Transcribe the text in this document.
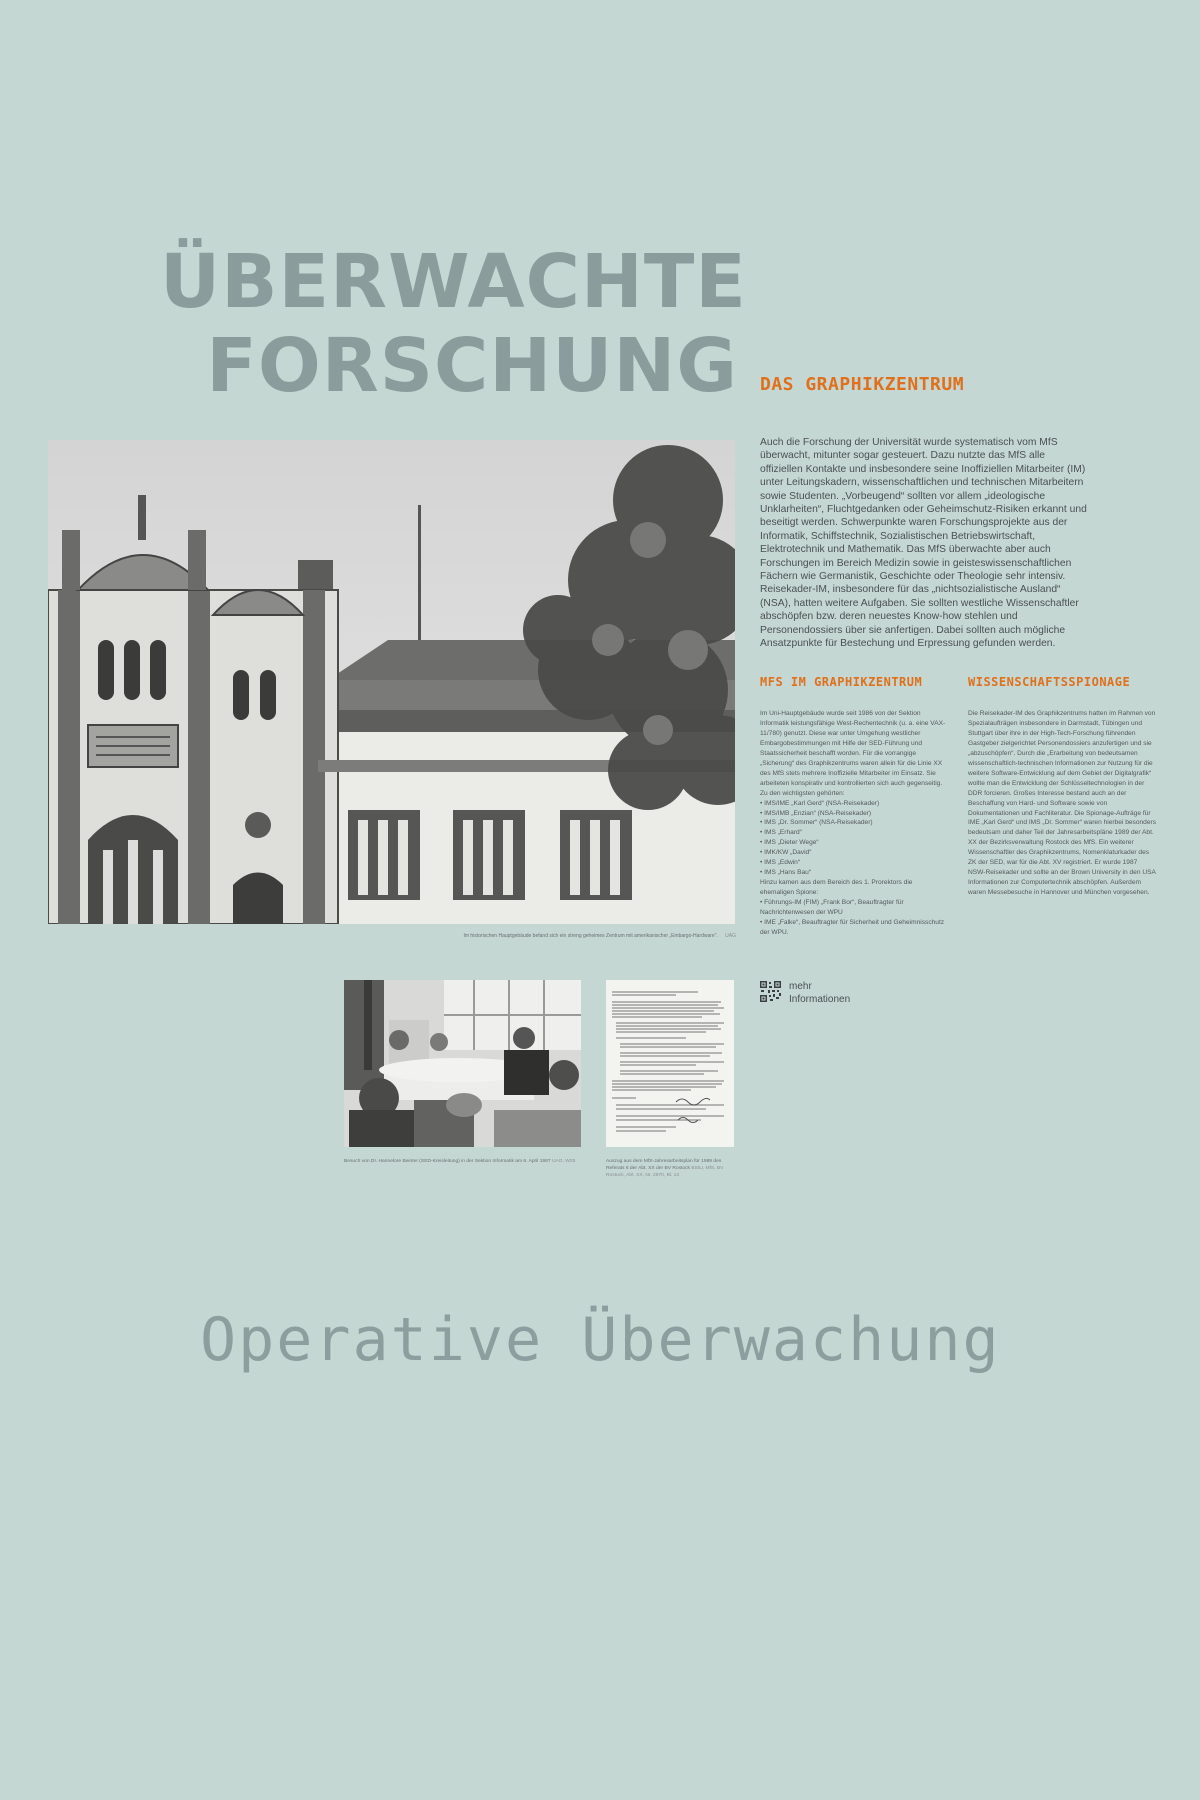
ÜBERWACHTE
FORSCHUNG DAS GRAPHIKZENTRUM
Auch die Forschung der Universität wurde systematisch vom MfS überwacht, mitunter sogar gesteuert. Dazu nutzte das MfS alle offiziellen Kontakte und insbesondere seine Inoffiziellen Mitarbeiter (IM) unter Leitungskadern, wissenschaftlichen und technischen Mitarbeitern sowie Studenten. „Vorbeugend“ sollten vor allem „ideologische Unklarheiten“, Fluchtgedanken oder Geheimschutz-Risiken erkannt und beseitigt werden. Schwerpunkte waren Forschungsprojekte aus der Informatik, Schiffstechnik, Sozialistischen Betriebswirtschaft, Elektrotechnik und Mathematik. Das MfS überwachte aber auch Forschungen im Bereich Medizin sowie in geisteswissenschaftlichen Fächern wie Germanistik, Geschichte oder Theologie sehr intensiv. Reisekader-IM, insbesondere für das „nichtsozialistische Ausland“ (NSA), hatten weitere Aufgaben. Sie sollten westliche Wissenschaftler abschöpfen bzw. deren neuestes Know-how stehlen und Personendossiers über sie anfertigen. Dabei sollten auch mögliche Ansatzpunkte für Bestechung und Erpressung gefunden werden.
Im historischen Hauptgebäude befand sich ein streng geheimes Zentrum mit amerikanischer „Embargo-Hardware“. UAG
MFS IM GRAPHIKZENTRUM	WISSENSCHAFTSSPIONAGE
Im Uni-Hauptgebäude wurde seit 1986 von der Sektion Informatik leistungsfähige West-Rechentechnik (u. a. eine VAX-11/780) genutzt. Diese war unter Umgehung westlicher Embargobestimmungen mit Hilfe der SED-Führung und Staatssicherheit beschafft worden. Für die vorrangige „Sicherung“ des Graphikzentrums waren allein für die Linie XX des MfS stets mehrere Inoffizielle Mitarbeiter im Einsatz. Sie arbeiteten konspirativ und kontrollierten sich auch gegenseitig. Zu den wichtigsten gehörten:
• IMS/IME „Karl Gerd“ (NSA-Reisekader)
• IMS/IMB „Enzian“ (NSA-Reisekader)
• IMS „Dr. Sommer“ (NSA-Reisekader)
• IMS „Erhard“
• IMS „Dieter Wege“
• IMK/KW „David“
• IMS „Edwin“
• IMS „Hans Bau“
Hinzu kamen aus dem Bereich des 1. Prorektors die ehemaligen Spione:
• Führungs-IM (FIM) „Frank Bor“, Beauftragter für Nachrichtenwesen der WPU
• IME „Falke“, Beauftragter für Sicherheit und Geheimnisschutz der WPU.
Die Reisekader-IM des Graphikzentrums hatten im Rahmen von Spezialaufträgen insbesondere in Darmstadt, Tübingen und Stuttgart über ihre in der High-Tech-Forschung führenden Gastgeber zielgerichtet Personendossiers anzufertigen und sie „abzuschöpfen“. Durch die „Erarbeitung von bedeutsamen wissenschaftlich-technischen Informationen zur Nutzung für die weitere Software-Entwicklung auf dem Gebiet der Digitalgrafik“ wollte man die Entwicklung der Schlüsseltechnologien in der DDR forcieren. Großes Interesse bestand auch an der Beschaffung von Hard- und Software sowie von Dokumentationen und Fachliteratur. Die Spionage-Aufträge für IME „Karl Gerd“ und IMS „Dr. Sommer“ waren hierbei besonders bedeutsam und daher Teil der Jahresarbeitspläne 1989 der Abt. XX der Bezirksverwaltung Rostock des MfS. Ein weiterer Wissenschaftler des Graphikzentrums, Nomenklaturkader des ZK der SED, war für die Abt. XV registriert. Er wurde 1987 NSW-Reisekader und sollte an der Brown University in den USA Informationen zur Computertechnik abschöpfen. Außerdem waren Messebesuche in Hannover und München vorgesehen.
mehr
Informationen
Besuch von Dr. Hannelore Beinter (SED-Kreisleitung) in der Sektion Informatik am 6. April 1987 UAG, W25	Auszug aus dem MfS-Jahresarbeitsplan für 1989 des Referats 6 der Abt. XX der BV Rostock BStU, MfS, BV Rostock, Abt. XX, Nr. 2970, Bl. 13
Operative Überwachung
